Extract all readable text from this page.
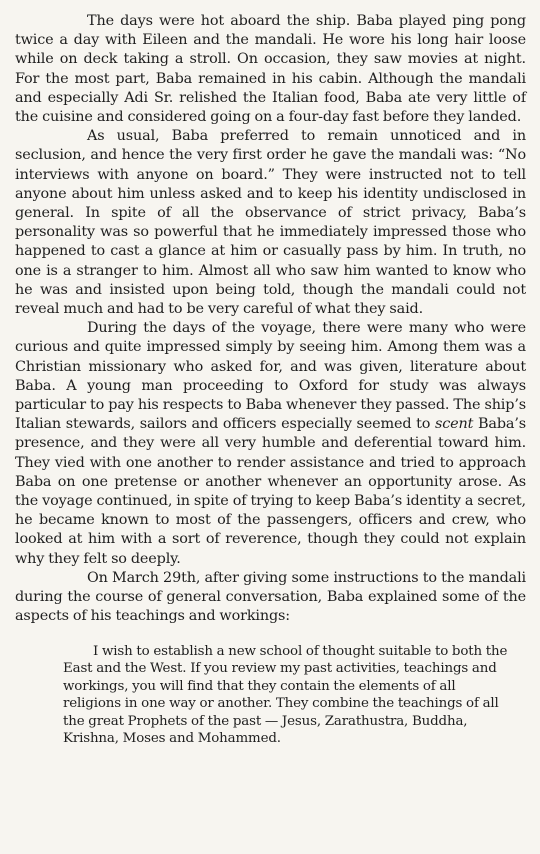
The days were hot aboard the ship. Baba played ping pong twice a day with Eileen and the mandali. He wore his long hair loose while on deck taking a stroll. On occasion, they saw movies at night. For the most part, Baba remained in his cabin. Although the mandali and especially Adi Sr. relished the Italian food, Baba ate very little of the cuisine and considered going on a four-day fast before they landed.

As usual, Baba preferred to remain unnoticed and in seclusion, and hence the very first order he gave the mandali was: “No interviews with anyone on board.” They were instructed not to tell anyone about him unless asked and to keep his identity undisclosed in general. In spite of all the observance of strict privacy, Baba’s personality was so powerful that he immediately impressed those who happened to cast a glance at him or casually pass by him. In truth, no one is a stranger to him. Almost all who saw him wanted to know who he was and insisted upon being told, though the mandali could not reveal much and had to be very careful of what they said.

During the days of the voyage, there were many who were curious and quite impressed simply by seeing him. Among them was a Christian missionary who asked for, and was given, literature about Baba. A young man proceeding to Oxford for study was always particular to pay his respects to Baba whenever they passed. The ship’s Italian stewards, sailors and officers especially seemed to scent Baba’s presence, and they were all very humble and deferential toward him. They vied with one another to render assistance and tried to approach Baba on one pretense or another whenever an opportunity arose. As the voyage continued, in spite of trying to keep Baba’s identity a secret, he became known to most of the passengers, officers and crew, who looked at him with a sort of reverence, though they could not explain why they felt so deeply.

On March 29th, after giving some instructions to the mandali during the course of general conversation, Baba explained some of the aspects of his teachings and workings:

I wish to establish a new school of thought suitable to both the East and the West. If you review my past activities, teachings and workings, you will find that they contain the elements of all religions in one way or another. They combine the teachings of all the great Prophets of the past — Jesus, Zarathustra, Buddha, Krishna, Moses and Mohammed.
